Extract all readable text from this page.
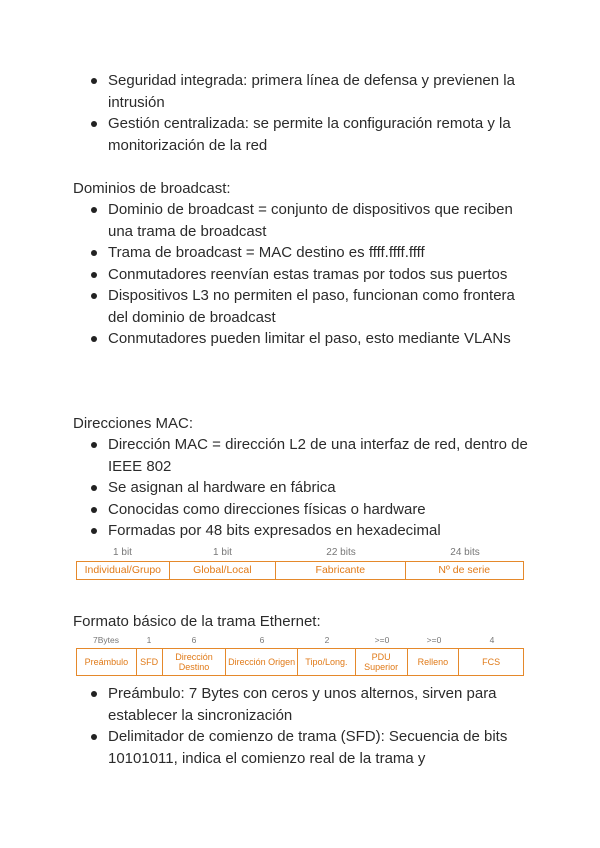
Seguridad integrada: primera línea de defensa y previenen la intrusión
Gestión centralizada: se permite la configuración remota y la monitorización de la red
Dominios de broadcast:
Dominio de broadcast = conjunto de dispositivos que reciben una trama de broadcast
Trama de broadcast = MAC destino es ffff.ffff.ffff
Conmutadores reenvían estas tramas por todos sus puertos
Dispositivos L3 no permiten el paso, funcionan como frontera del dominio de broadcast
Conmutadores pueden limitar el paso, esto mediante VLANs
Direcciones MAC:
Dirección MAC = dirección L2 de una interfaz de red, dentro de IEEE 802
Se asignan al hardware en fábrica
Conocidas como direcciones físicas o hardware
Formadas por 48 bits expresados en hexadecimal
1 bit	1 bit	22 bits	24 bits
Individual/Grupo	Global/Local	Fabricante	Nº de serie
Formato básico de la trama Ethernet:
7Bytes	1	6	6	2	>=0	>=0	4
Preámbulo	SFD	Dirección Destino	Dirección Origen	Tipo/Long.	PDU Superior	Relleno	FCS
Preámbulo: 7 Bytes con ceros y unos alternos, sirven para establecer la sincronización
Delimitador de comienzo de trama (SFD): Secuencia de bits 10101011, indica el comienzo real de la trama y
